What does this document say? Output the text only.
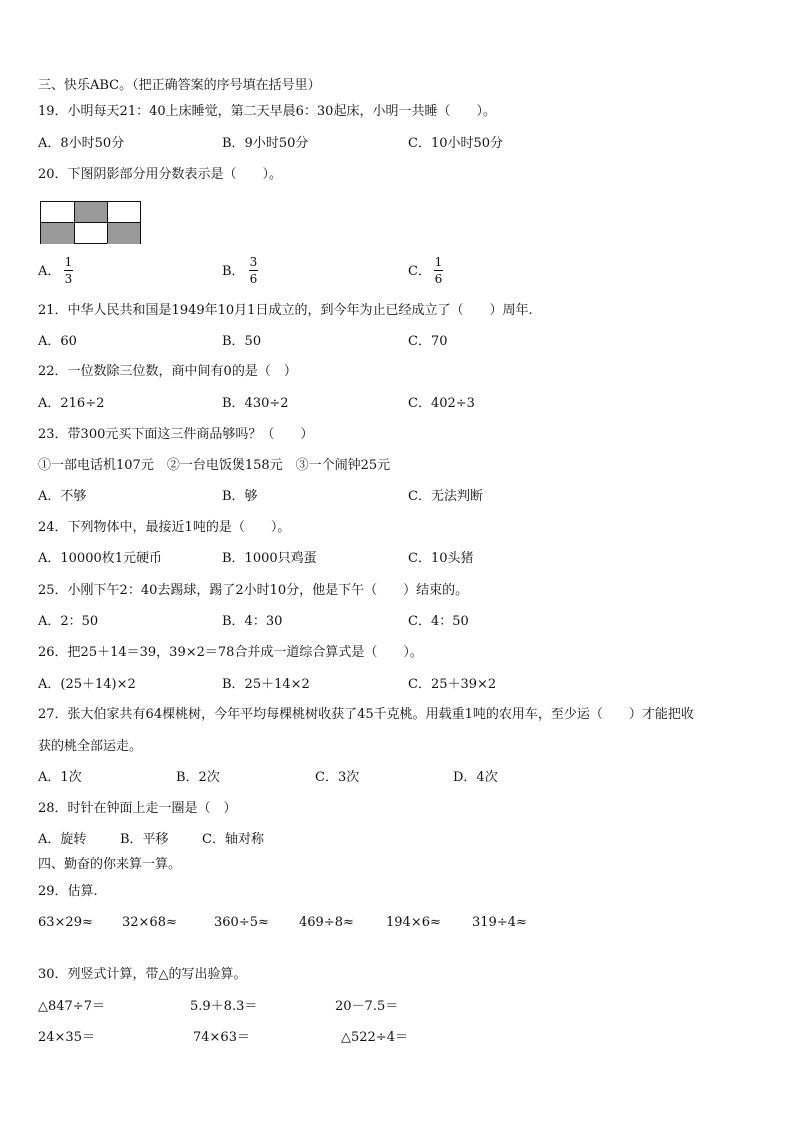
三、快乐ABC。（把正确答案的序号填在括号里）
19．小明每天21：40上床睡觉，第二天早晨6：30起床，小明一共睡（　　）。
A．8小时50分	B．9小时50分	C．10小时50分
20．下图阴影部分用分数表示是（　　）。
A．
1
3	B．
3
6	C．
1
6
21．中华人民共和国是1949年10月1日成立的，到今年为止已经成立了（　　）周年.
A．60	B．50	C．70
22．一位数除三位数，商中间有0的是（　）
A．216÷2	B．430÷2	C．402÷3
23．带300元买下面这三件商品够吗？（　　）
①一部电话机107元　②一台电饭煲158元　③一个闹钟25元
A．不够	B．够	C．无法判断
24．下列物体中，最接近1吨的是（　　）。
A．10000枚1元硬币	B．1000只鸡蛋	C．10头猪
25．小刚下午2：40去踢球，踢了2小时10分，他是下午（　　）结束的。
A．2：50	B．4：30	C．4：50
26．把25＋14＝39，39×2＝78合并成一道综合算式是（　　）。
A．(25＋14)×2	B．25＋14×2	C．25＋39×2
27．张大伯家共有64棵桃树，今年平均每棵桃树收获了45千克桃。用载重1吨的农用车，至少运（　　）才能把收
获的桃全部运走。
A．1次	B．2次	C．3次	D．4次
28．时针在钟面上走一圈是（　）
A．旋转	B．平移	C．轴对称
四、勤奋的你来算一算。
29．估算.
63×29≈ 32×68≈	360÷5≈ 469÷8≈ 194×6≈ 319÷4≈
30．列竖式计算，带△的写出验算。
△847÷7＝	5.9＋8.3＝	20－7.5＝
24×35＝	74×63＝	△522÷4＝
